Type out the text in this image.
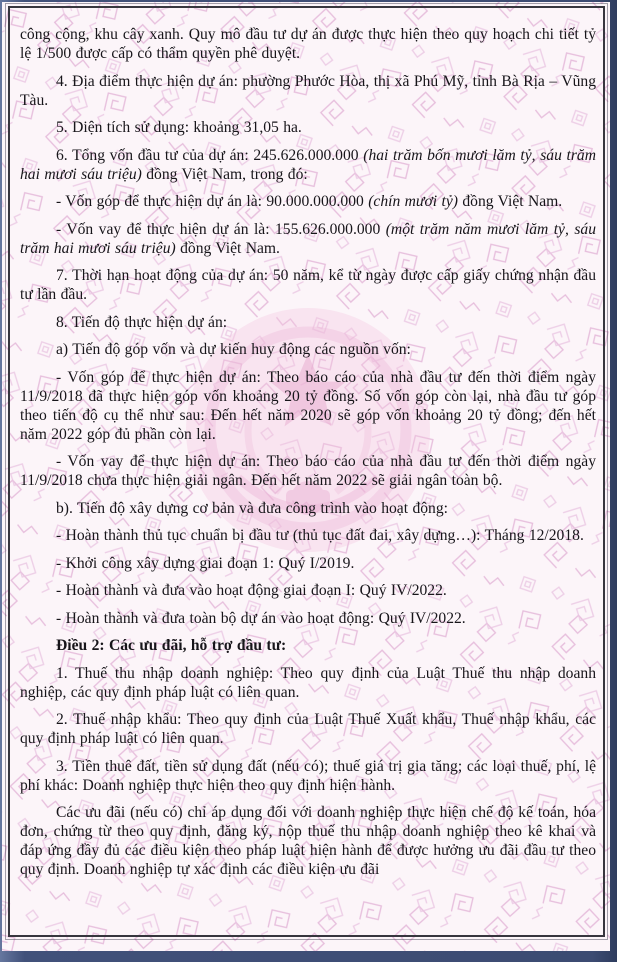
công cộng, khu cây xanh. Quy mô đầu tư dự án được thực hiện theo quy hoạch chi tiết tỷ lệ 1/500 được cấp có thẩm quyền phê duyệt.

4. Địa điểm thực hiện dự án: phường Phước Hòa, thị xã Phú Mỹ, tỉnh Bà Rịa – Vũng Tàu.

5. Diện tích sử dụng: khoảng 31,05 ha.

6. Tổng vốn đầu tư của dự án: 245.626.000.000 (hai trăm bốn mươi lăm tỷ, sáu trăm hai mươi sáu triệu) đồng Việt Nam, trong đó:

- Vốn góp để thực hiện dự án là: 90.000.000.000 (chín mươi tỷ) đồng Việt Nam.

- Vốn vay để thực hiện dự án là: 155.626.000.000 (một trăm năm mươi lăm tỷ, sáu trăm hai mươi sáu triệu) đồng Việt Nam.

7. Thời hạn hoạt động của dự án: 50 năm, kể từ ngày được cấp giấy chứng nhận đầu tư lần đầu.

8. Tiến độ thực hiện dự án:

a) Tiến độ góp vốn và dự kiến huy động các nguồn vốn:

- Vốn góp để thực hiện dự án: Theo báo cáo của nhà đầu tư đến thời điểm ngày 11/9/2018 đã thực hiện góp vốn khoảng 20 tỷ đồng. Số vốn góp còn lại, nhà đầu tư góp theo tiến độ cụ thể như sau: Đến hết năm 2020 sẽ góp vốn khoảng 20 tỷ đồng; đến hết năm 2022 góp đủ phần còn lại.

- Vốn vay để thực hiện dự án: Theo báo cáo của nhà đầu tư đến thời điểm ngày 11/9/2018 chưa thực hiện giải ngân. Đến hết năm 2022 sẽ giải ngân toàn bộ.

b). Tiến độ xây dựng cơ bản và đưa công trình vào hoạt động:

- Hoàn thành thủ tục chuẩn bị đầu tư (thủ tục đất đai, xây dựng…): Tháng 12/2018.

- Khởi công xây dựng giai đoạn 1: Quý I/2019.

- Hoàn thành và đưa vào hoạt động giai đoạn I: Quý IV/2022.

- Hoàn thành và đưa toàn bộ dự án vào hoạt động: Quý IV/2022.

Điều 2: Các ưu đãi, hỗ trợ đầu tư:

1. Thuế thu nhập doanh nghiệp: Theo quy định của Luật Thuế thu nhập doanh nghiệp, các quy định pháp luật có liên quan.

2. Thuế nhập khẩu: Theo quy định của Luật Thuế Xuất khẩu, Thuế nhập khẩu, các quy định pháp luật có liên quan.

3. Tiền thuê đất, tiền sử dụng đất (nếu có); thuế giá trị gia tăng; các loại thuế, phí, lệ phí khác: Doanh nghiệp thực hiện theo quy định hiện hành.

Các ưu đãi (nếu có) chỉ áp dụng đối với doanh nghiệp thực hiện chế độ kế toán, hóa đơn, chứng từ theo quy định, đăng ký, nộp thuế thu nhập doanh nghiệp theo kê khai và đáp ứng đầy đủ các điều kiện theo pháp luật hiện hành để được hưởng ưu đãi đầu tư theo quy định. Doanh nghiệp tự xác định các điều kiện ưu đãi
